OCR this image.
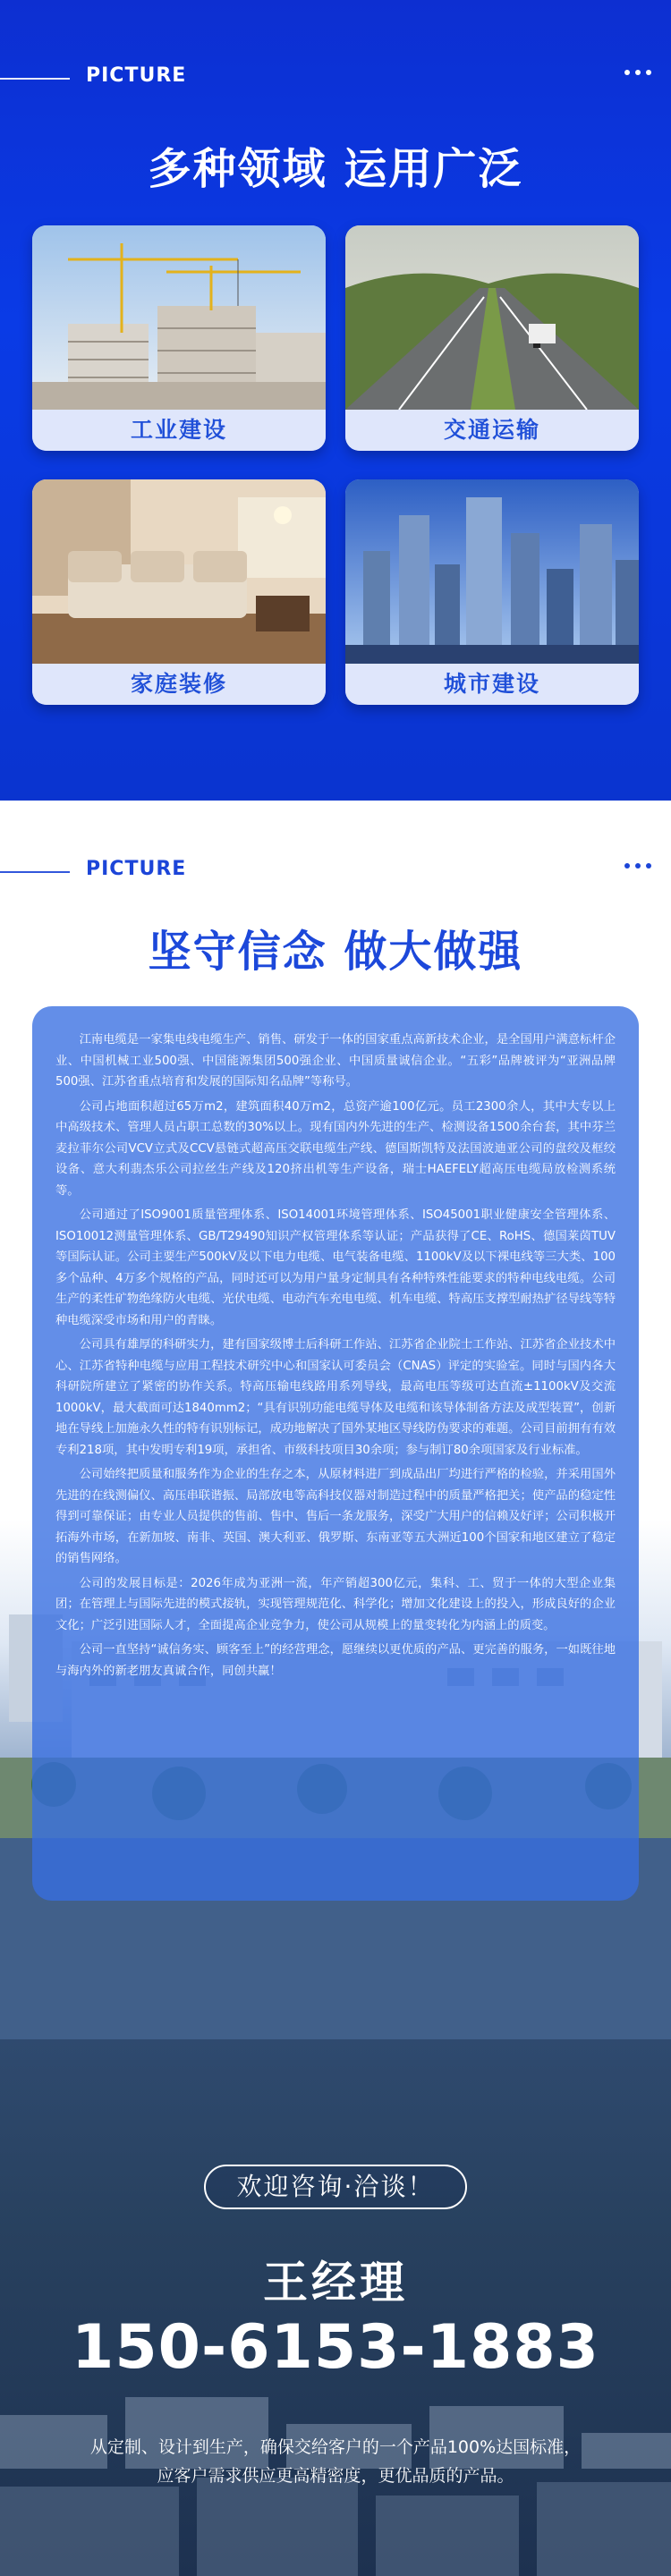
PICTURE
多种领域 运用广泛
工业建设	交通运输
家庭装修	城市建设
PICTURE
坚守信念 做大做强

江南电缆是一家集电线电缆生产、销售、研发于一体的国家重点高新技术企业，是全国用户满意标杆企业、中国机械工业500强、中国能源集团500强企业、中国质量诚信企业。“五彩”品牌被评为“亚洲品牌500强、江苏省重点培育和发展的国际知名品牌”等称号。

公司占地面积超过65万m2，建筑面积40万m2，总资产逾100亿元。员工2300余人，其中大专以上中高级技术、管理人员占职工总数的30%以上。现有国内外先进的生产、检测设备1500余台套，其中芬兰麦拉菲尔公司VCV立式及CCV悬链式超高压交联电缆生产线、德国斯凯特及法国波迪亚公司的盘绞及框绞设备、意大利翡杰乐公司拉丝生产线及120挤出机等生产设备，瑞士HAEFELY超高压电缆局放检测系统等。

公司通过了ISO9001质量管理体系、ISO14001环境管理体系、ISO45001职业健康安全管理体系、ISO10012测量管理体系、GB/T29490知识产权管理体系等认证；产品获得了CE、RoHS、德国莱茵TUV等国际认证。公司主要生产500kV及以下电力电缆、电气装备电缆、1100kV及以下裸电线等三大类、100多个品种、4万多个规格的产品，同时还可以为用户量身定制具有各种特殊性能要求的特种电线电缆。公司生产的柔性矿物绝缘防火电缆、光伏电缆、电动汽车充电电缆、机车电缆、特高压支撑型耐热扩径导线等特种电缆深受市场和用户的青睐。

公司具有雄厚的科研实力，建有国家级博士后科研工作站、江苏省企业院士工作站、江苏省企业技术中心、江苏省特种电缆与应用工程技术研究中心和国家认可委员会（CNAS）评定的实验室。同时与国内各大科研院所建立了紧密的协作关系。特高压输电线路用系列导线，最高电压等级可达直流±1100kV及交流1000kV，最大截面可达1840mm2；“具有识别功能电缆导体及电缆和该导体制备方法及成型装置”，创新地在导线上加施永久性的特有识别标记，成功地解决了国外某地区导线防伪要求的难题。公司目前拥有有效专利218项，其中发明专利19项，承担省、市级科技项目30余项；参与制订80余项国家及行业标准。

公司始终把质量和服务作为企业的生存之本，从原材料进厂到成品出厂均进行严格的检验，并采用国外先进的在线测偏仪、高压串联谐振、局部放电等高科技仪器对制造过程中的质量严格把关；使产品的稳定性得到可靠保证；由专业人员提供的售前、售中、售后一条龙服务，深受广大用户的信赖及好评；公司积极开拓海外市场，在新加坡、南非、英国、澳大利亚、俄罗斯、东南亚等五大洲近100个国家和地区建立了稳定的销售网络。

公司的发展目标是：2026年成为亚洲一流，年产销超300亿元，集科、工、贸于一体的大型企业集团；在管理上与国际先进的模式接轨，实现管理规范化、科学化；增加文化建设上的投入，形成良好的企业文化；广泛引进国际人才，全面提高企业竞争力，使公司从规模上的量变转化为内涵上的质变。

公司一直坚持“诚信务实、顾客至上”的经营理念，愿继续以更优质的产品、更完善的服务，一如既往地与海内外的新老朋友真诚合作，同创共赢！

欢迎咨询·洽谈！
王经理
150-6153-1883
从定制、设计到生产，确保交给客户的一个产品100%达国标准，
应客户需求供应更高精密度，更优品质的产品。
